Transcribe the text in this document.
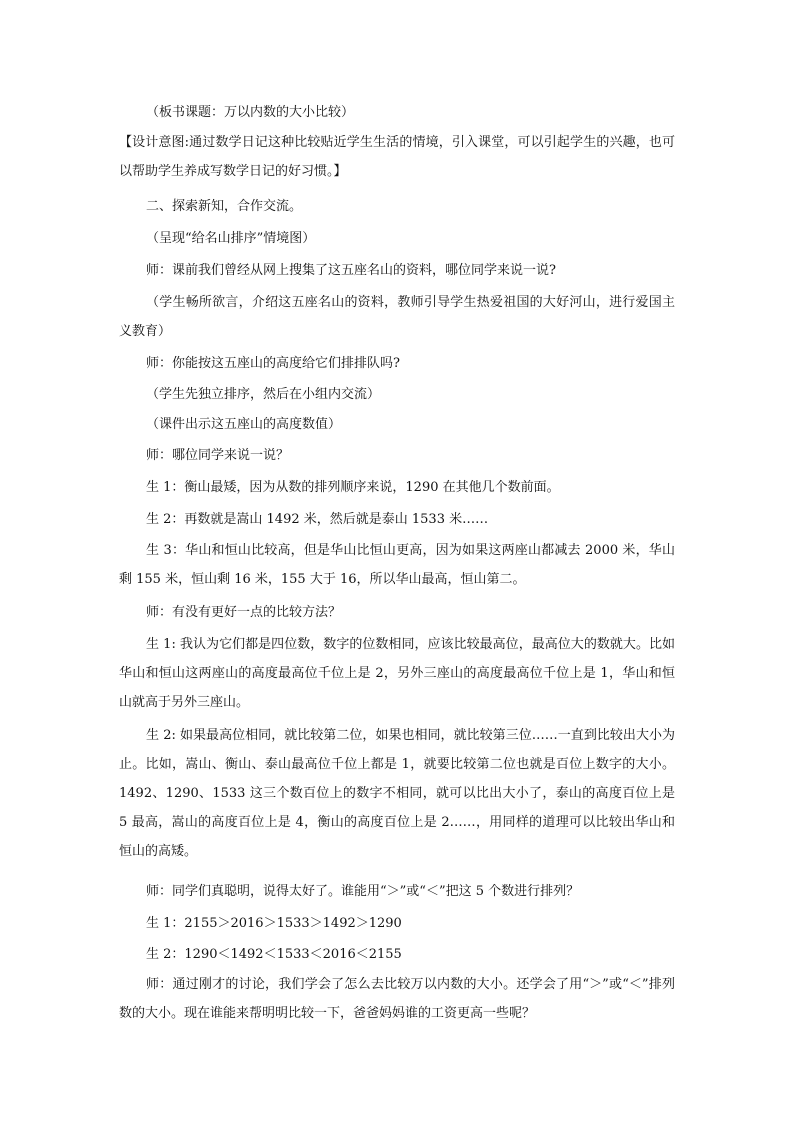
（板书课题：万以内数的大小比较）

【设计意图:通过数学日记这种比较贴近学生生活的情境，引入课堂，可以引起学生的兴趣，也可以帮助学生养成写数学日记的好习惯。】

二、探索新知，合作交流。

（呈现“给名山排序”情境图）

师：课前我们曾经从网上搜集了这五座名山的资料，哪位同学来说一说?

（学生畅所欲言，介绍这五座名山的资料，教师引导学生热爱祖国的大好河山，进行爱国主义教育）

师：你能按这五座山的高度给它们排排队吗?

（学生先独立排序，然后在小组内交流）

（课件出示这五座山的高度数值）

师：哪位同学来说一说？

生 1：衡山最矮，因为从数的排列顺序来说，1290 在其他几个数前面。

生 2：再数就是嵩山 1492 米，然后就是泰山 1533 米……

生 3：华山和恒山比较高，但是华山比恒山更高，因为如果这两座山都减去 2000 米，华山剩 155 米，恒山剩 16 米，155 大于 16，所以华山最高，恒山第二。

师：有没有更好一点的比较方法？

生 1: 我认为它们都是四位数，数字的位数相同，应该比较最高位，最高位大的数就大。比如华山和恒山这两座山的高度最高位千位上是 2，另外三座山的高度最高位千位上是 1，华山和恒山就高于另外三座山。

生 2: 如果最高位相同，就比较第二位，如果也相同，就比较第三位……一直到比较出大小为止。比如，嵩山、衡山、泰山最高位千位上都是 1，就要比较第二位也就是百位上数字的大小。1492、1290、1533 这三个数百位上的数字不相同，就可以比出大小了，泰山的高度百位上是 5 最高，嵩山的高度百位上是 4，衡山的高度百位上是 2……，用同样的道理可以比较出华山和恒山的高矮。

师：同学们真聪明，说得太好了。谁能用“＞”或“＜”把这 5 个数进行排列？

生 1：2155＞2016＞1533＞1492＞1290

生 2：1290＜1492＜1533＜2016＜2155

师：通过刚才的讨论，我们学会了怎么去比较万以内数的大小。还学会了用“＞”或“＜”排列数的大小。现在谁能来帮明明比较一下，爸爸妈妈谁的工资更高一些呢？
